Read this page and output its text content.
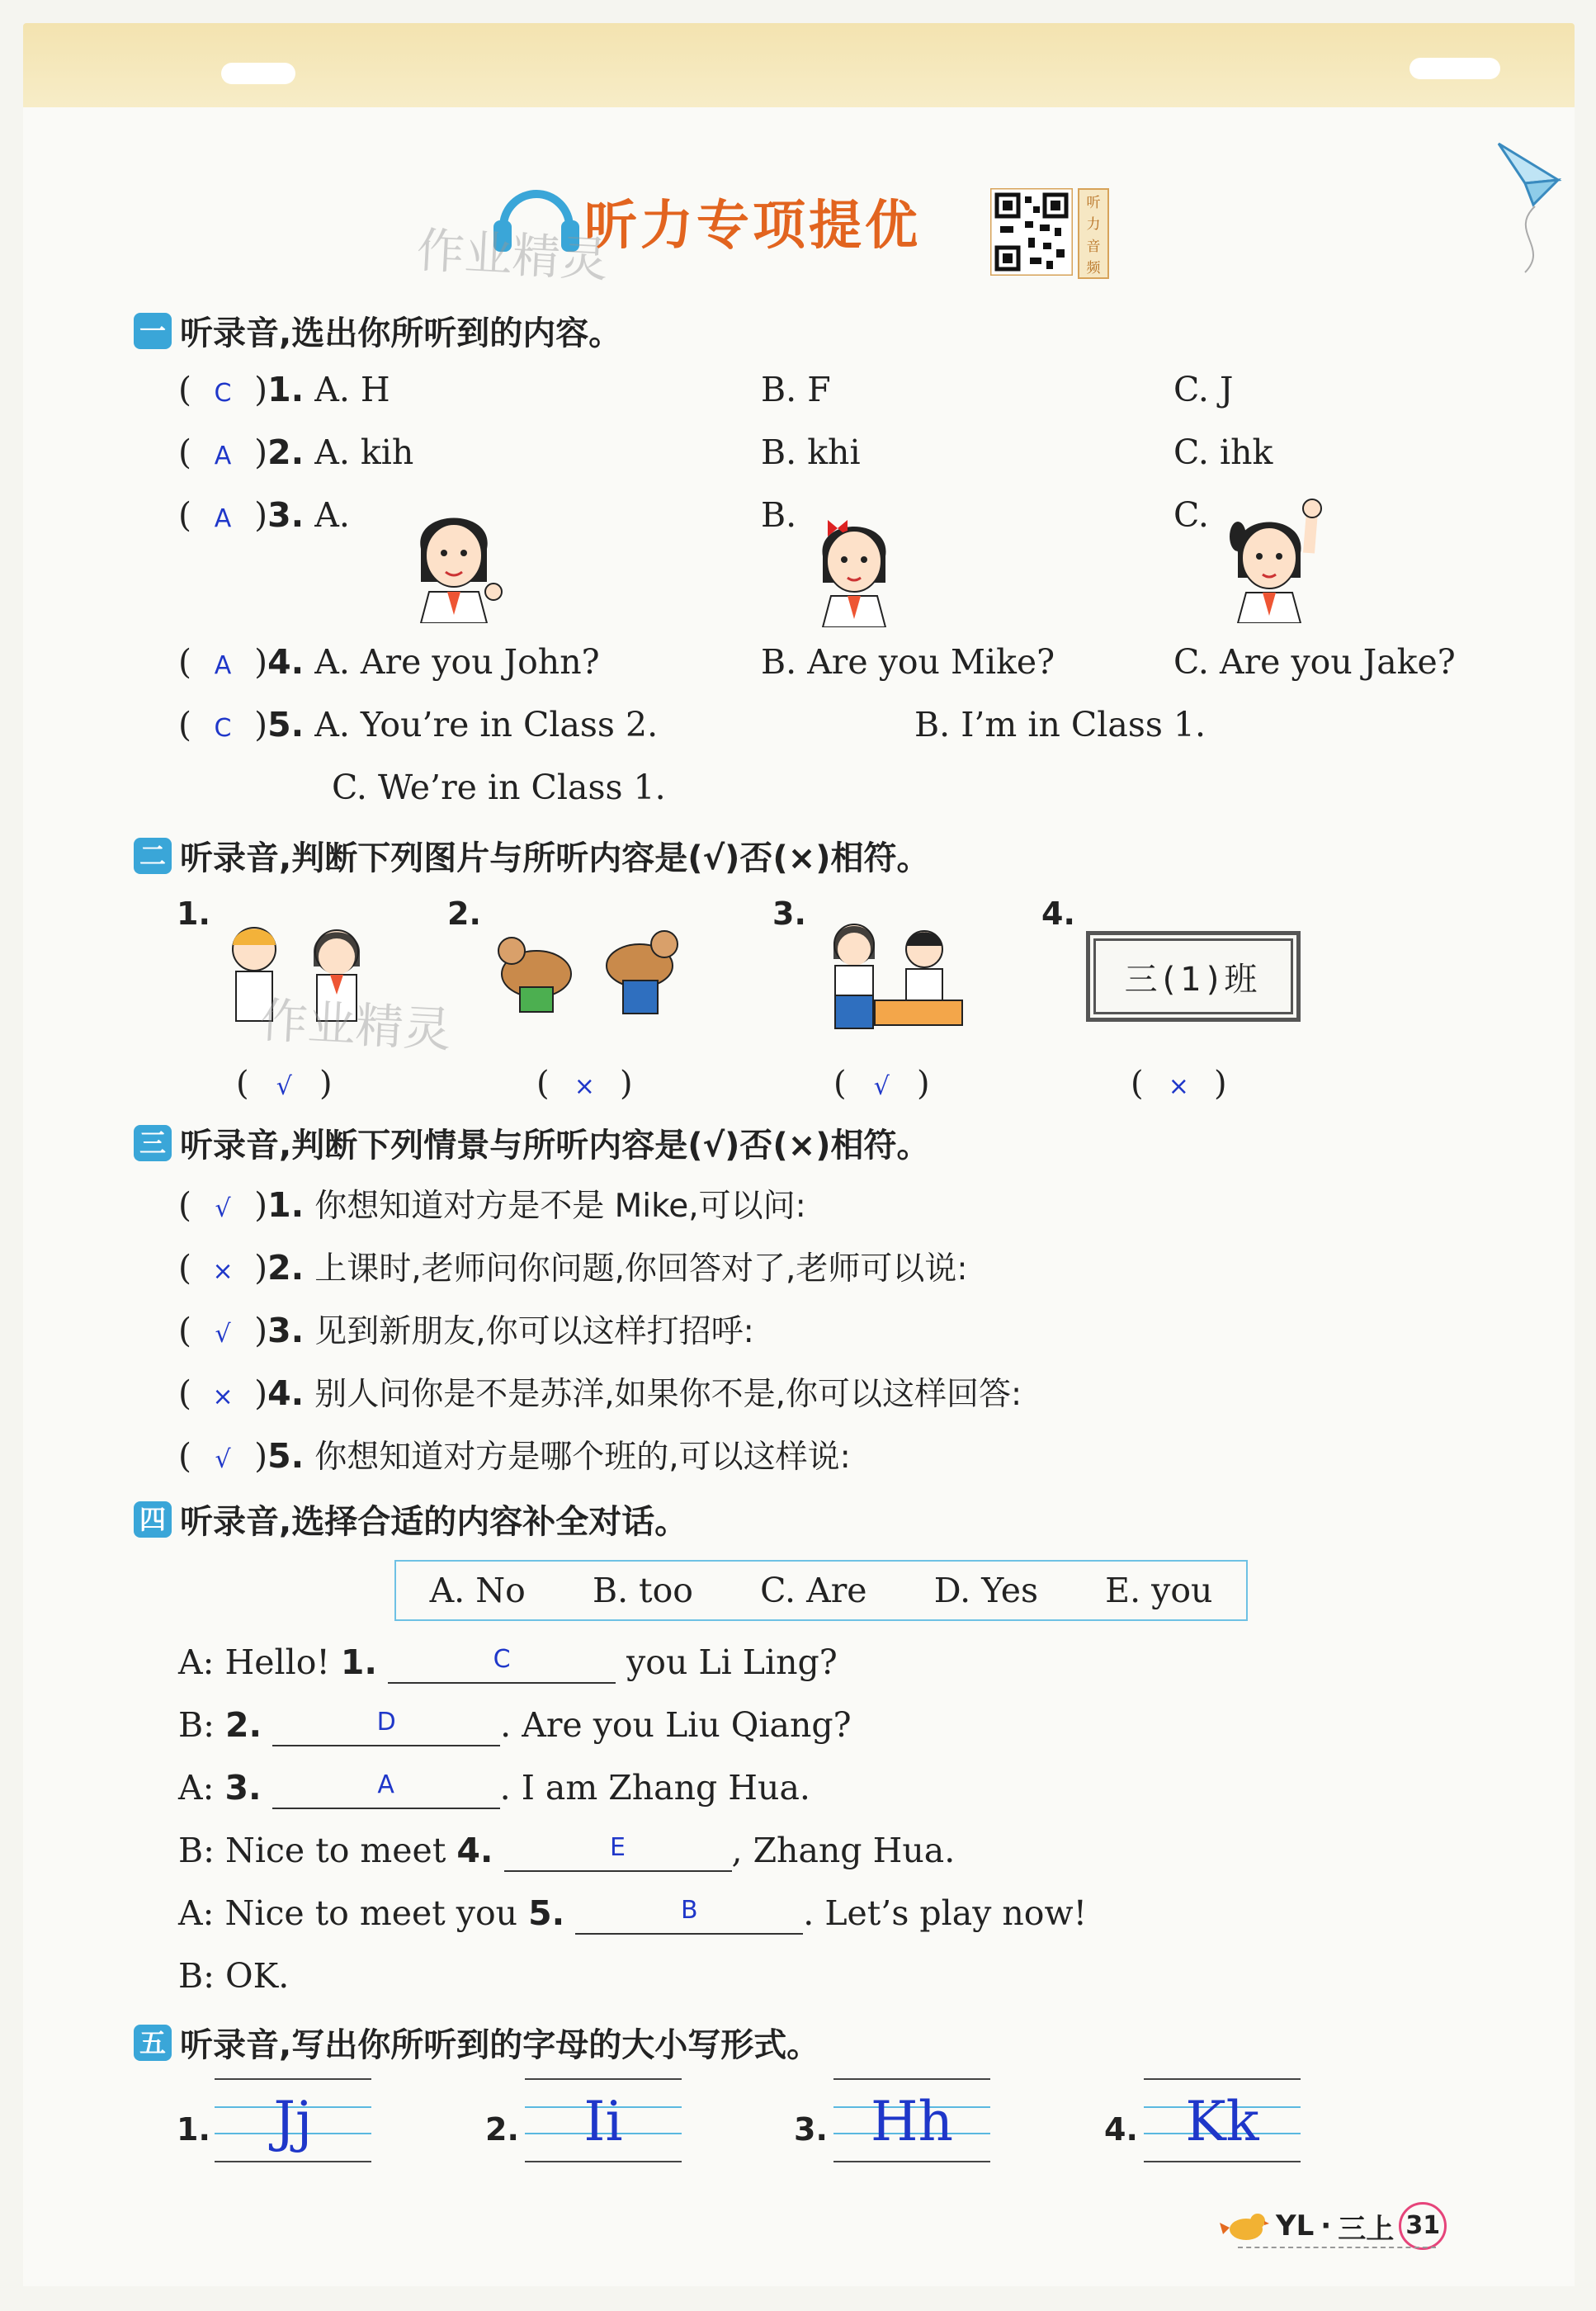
作业精灵
听力专项提优	听
力
音
频
一 听录音,选出你所听到的内容。
( C )1. A. H	B. F	C. J
( A )2. A. kih	B. khi	C. ihk
( A )3. A.	B.	C.
( A )4. A. Are you John?	B. Are you Mike?	C. Are you Jake?
( C )5. A. You’re in Class 2.	B. I’m in Class 1.
C. We’re in Class 1.
二 听录音,判断下列图片与所听内容是(√)否(×)相符。
1.	2.	3.	4.
作业精灵
三(1)班
( √ )	( × )	( √ )	( × )
三 听录音,判断下列情景与所听内容是(√)否(×)相符。
( √ )1. 你想知道对方是不是 Mike,可以问:
( × )2. 上课时,老师问你问题,你回答对了,老师可以说:
( √ )3. 见到新朋友,你可以这样打招呼:
( × )4. 别人问你是不是苏洋,如果你不是,你可以这样回答:
( √ )5. 你想知道对方是哪个班的,可以这样说:
四 听录音,选择合适的内容补全对话。
A. No B. too C. Are D. Yes E. you
A: Hello! 1.	C	you Li Ling?
B: 2.	D	. Are you Liu Qiang?
A: 3.	A	. I am Zhang Hua.
B: Nice to meet 4.	E	, Zhang Hua.
A: Nice to meet you 5.	B	. Let’s play now!
B: OK.
五 听录音,写出你所听到的字母的大小写形式。
1.	Jj	2.	Ii	3. Hh	4. Kk
YL · 三上 31
